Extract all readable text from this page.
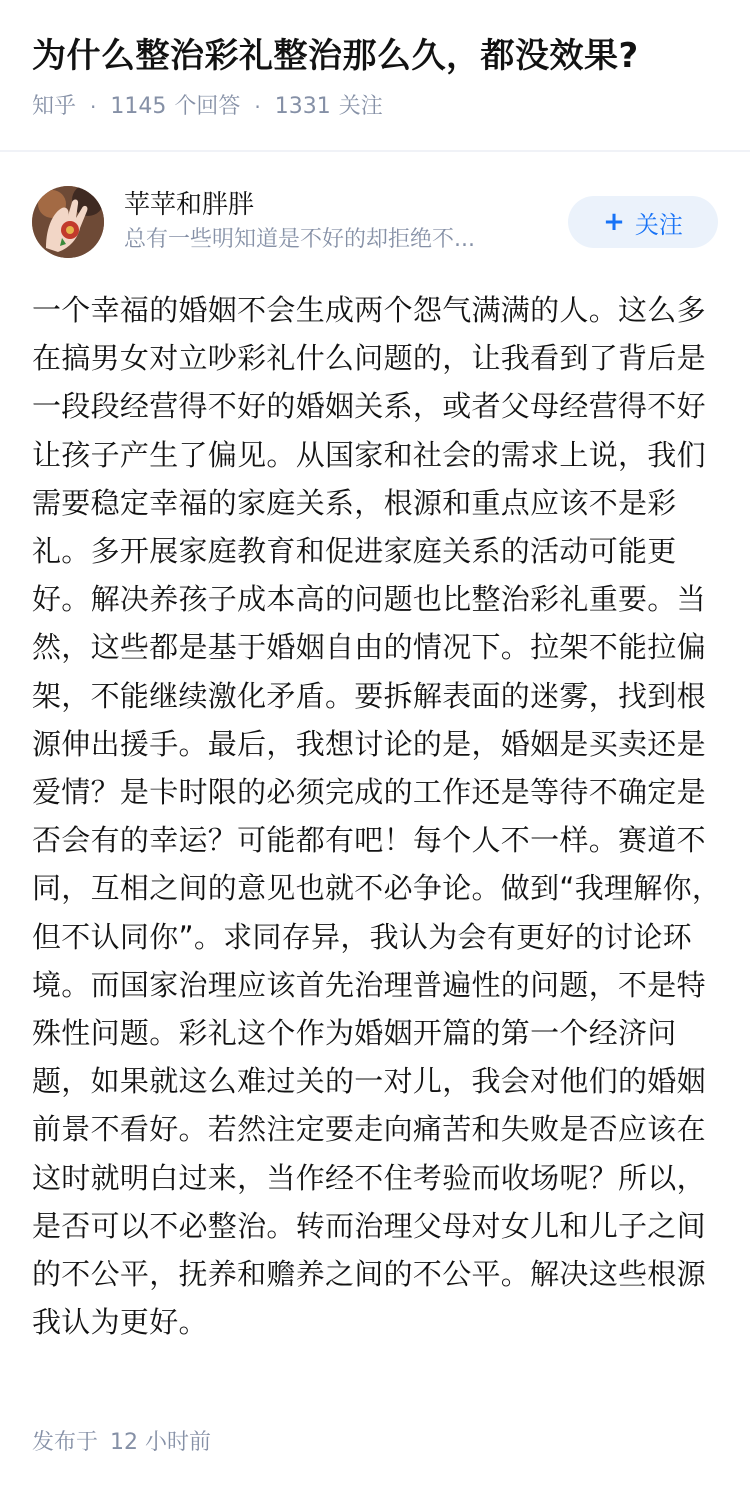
为什么整治彩礼整治那么久，都没效果?
知乎 · 1145 个回答 · 1331 关注
苹苹和胖胖
总有一些明知道是不好的却拒绝不...
+ 关注

一个幸福的婚姻不会生成两个怨气满满的人。这么多在搞男女对立吵彩礼什么问题的，让我看到了背后是一段段经营得不好的婚姻关系，或者父母经营得不好让孩子产生了偏见。从国家和社会的需求上说，我们需要稳定幸福的家庭关系，根源和重点应该不是彩礼。多开展家庭教育和促进家庭关系的活动可能更好。解决养孩子成本高的问题也比整治彩礼重要。当然，这些都是基于婚姻自由的情况下。拉架不能拉偏架，不能继续激化矛盾。要拆解表面的迷雾，找到根源伸出援手。最后，我想讨论的是，婚姻是买卖还是爱情？是卡时限的必须完成的工作还是等待不确定是否会有的幸运？可能都有吧！每个人不一样。赛道不同，互相之间的意见也就不必争论。做到“我理解你，但不认同你”。求同存异，我认为会有更好的讨论环境。而国家治理应该首先治理普遍性的问题，不是特殊性问题。彩礼这个作为婚姻开篇的第一个经济问题，如果就这么难过关的一对儿，我会对他们的婚姻前景不看好。若然注定要走向痛苦和失败是否应该在这时就明白过来，当作经不住考验而收场呢？所以，是否可以不必整治。转而治理父母对女儿和儿子之间的不公平，抚养和赡养之间的不公平。解决这些根源我认为更好。

发布于 12 小时前
